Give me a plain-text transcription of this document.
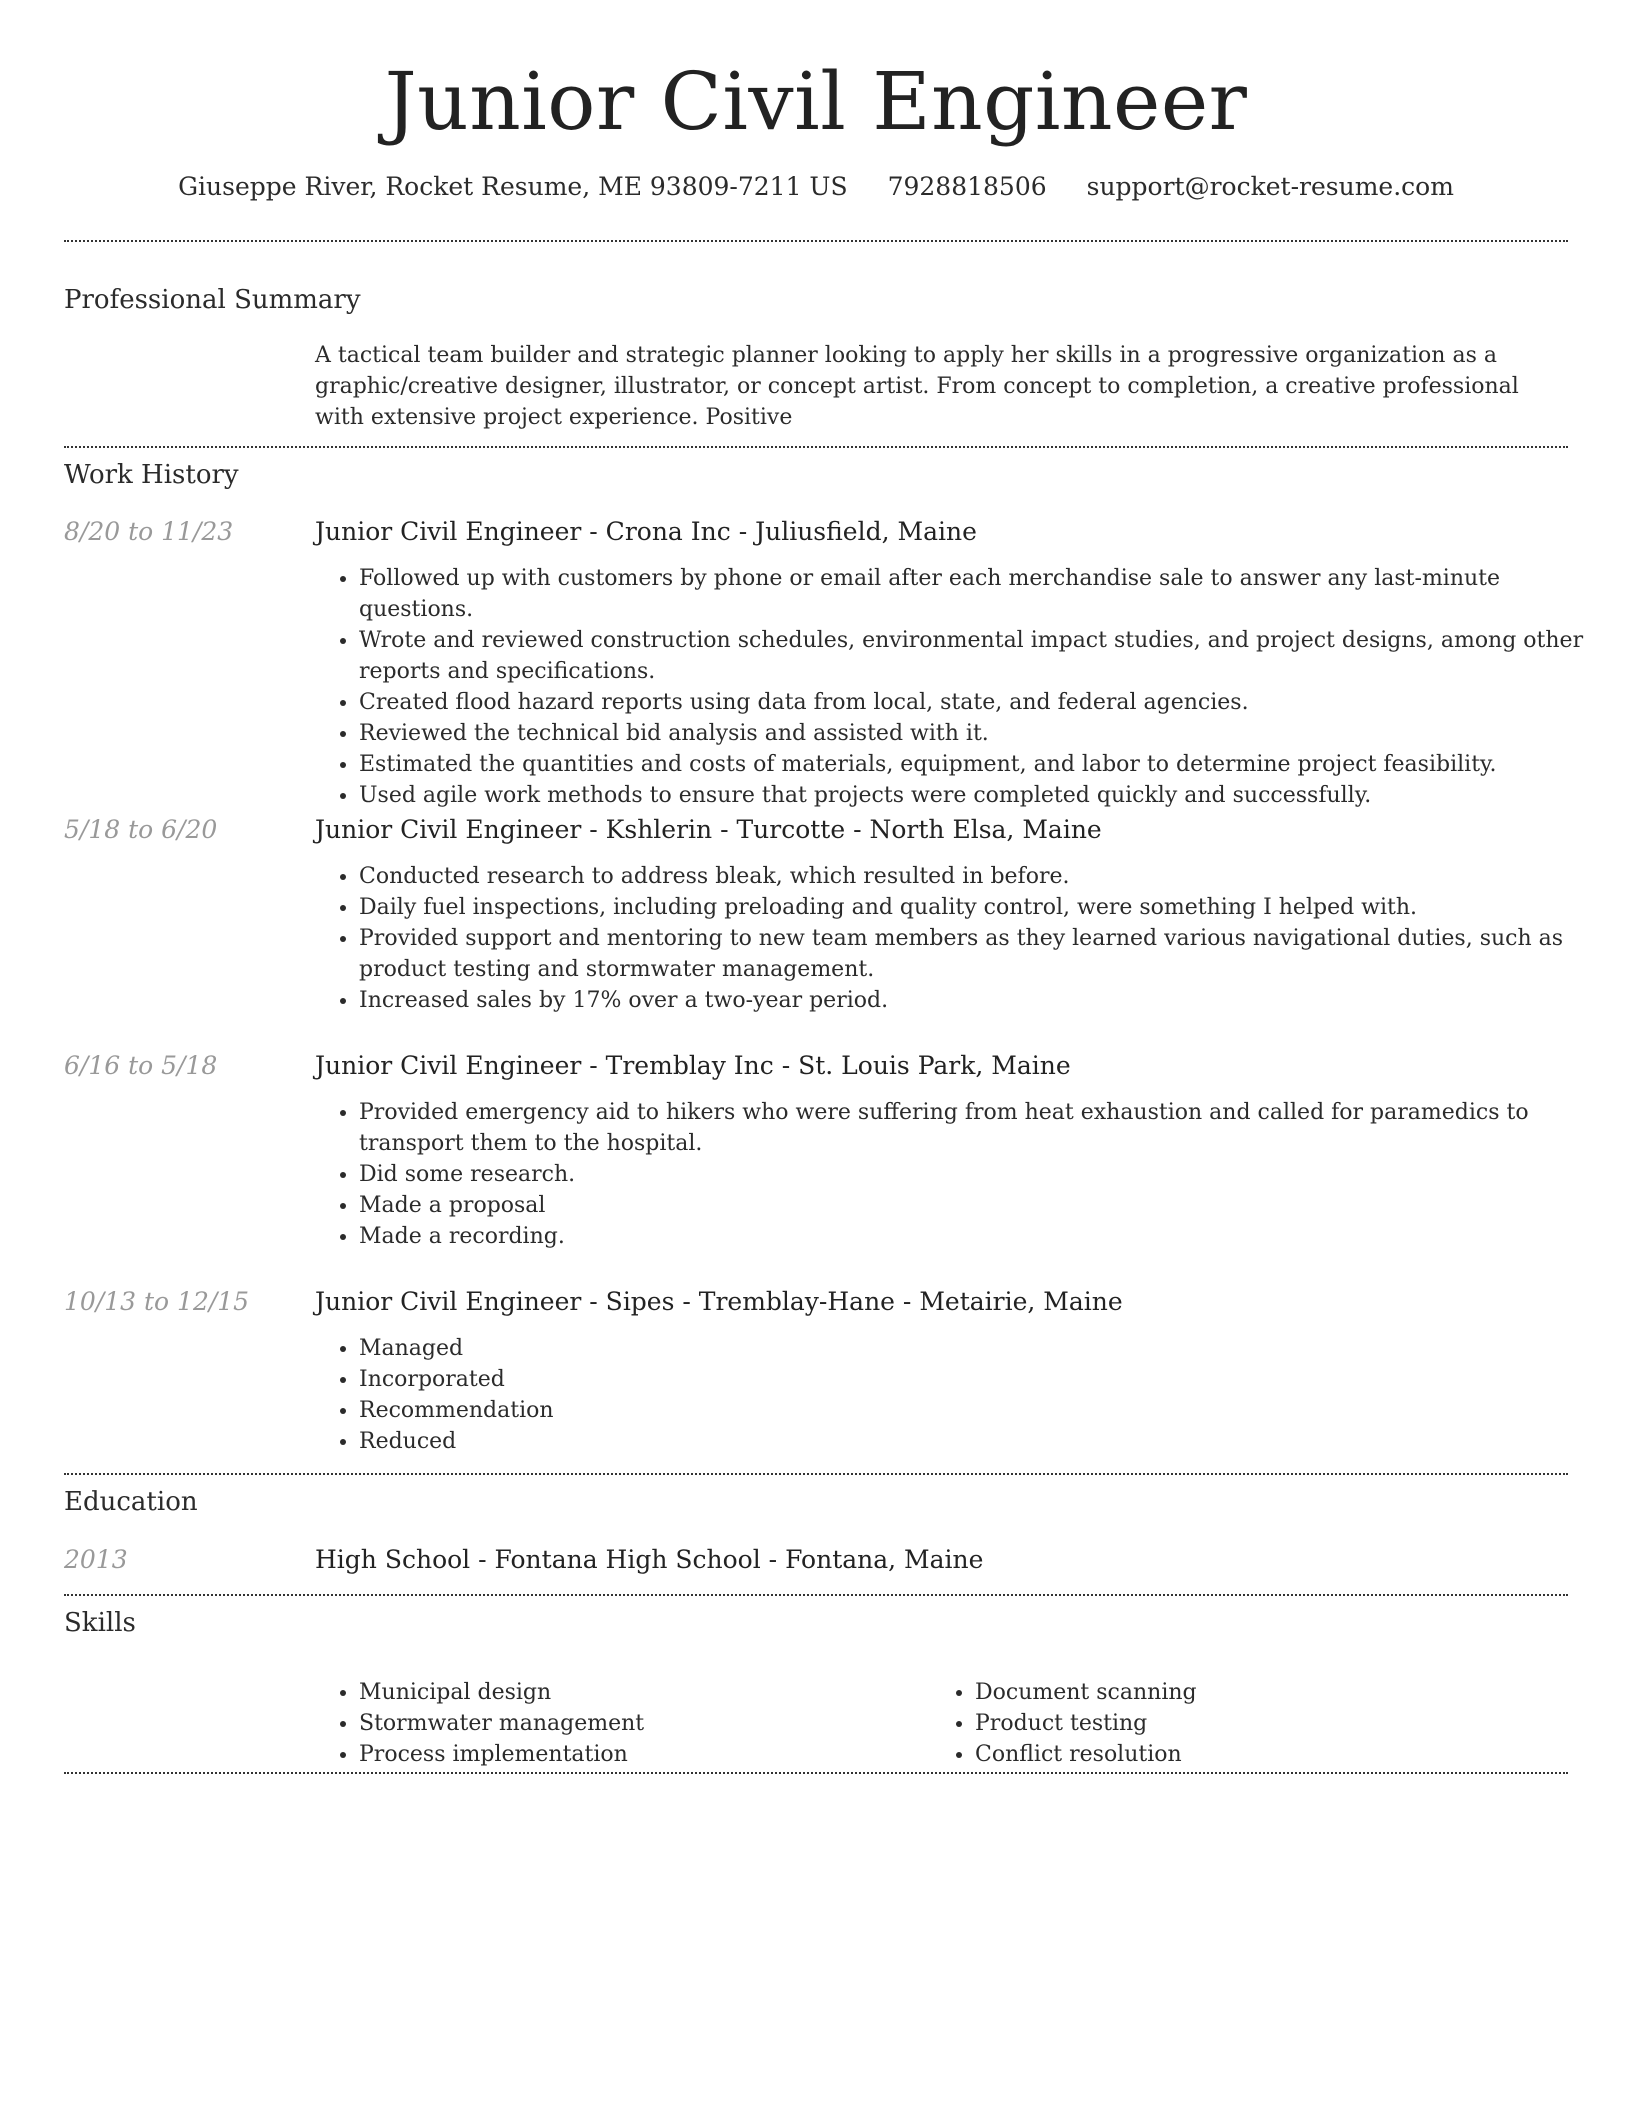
Junior Civil Engineer
Giuseppe River, Rocket Resume, ME 93809-7211 US 7928818506 support@rocket-resume.com
Professional Summary

A tactical team builder and strategic planner looking to apply her skills in a progressive organization as a graphic/creative designer, illustrator, or concept artist. From concept to completion, a creative professional with extensive project experience. Positive

Work History
8/20 to 11/23	Junior Civil Engineer - Crona Inc - Juliusfield, Maine
• Followed up with customers by phone or email after each merchandise sale to answer any last-minute questions.
• Wrote and reviewed construction schedules, environmental impact studies, and project designs, among other reports and specifications.
• Created flood hazard reports using data from local, state, and federal agencies.
• Reviewed the technical bid analysis and assisted with it.
• Estimated the quantities and costs of materials, equipment, and labor to determine project feasibility.
• Used agile work methods to ensure that projects were completed quickly and successfully.
5/18 to 6/20	Junior Civil Engineer - Kshlerin - Turcotte - North Elsa, Maine
• Conducted research to address bleak, which resulted in before.
• Daily fuel inspections, including preloading and quality control, were something I helped with.
• Provided support and mentoring to new team members as they learned various navigational duties, such as product testing and stormwater management.
• Increased sales by 17% over a two-year period.
6/16 to 5/18	Junior Civil Engineer - Tremblay Inc - St. Louis Park, Maine
• Provided emergency aid to hikers who were suffering from heat exhaustion and called for paramedics to transport them to the hospital.
• Did some research.
• Made a proposal
• Made a recording.
10/13 to 12/15	Junior Civil Engineer - Sipes - Tremblay-Hane - Metairie, Maine
• Managed
• Incorporated
• Recommendation
• Reduced
Education
2013	High School - Fontana High School - Fontana, Maine
Skills
• Municipal design
• Stormwater management
• Process implementation
• Document scanning
• Product testing
• Conflict resolution
